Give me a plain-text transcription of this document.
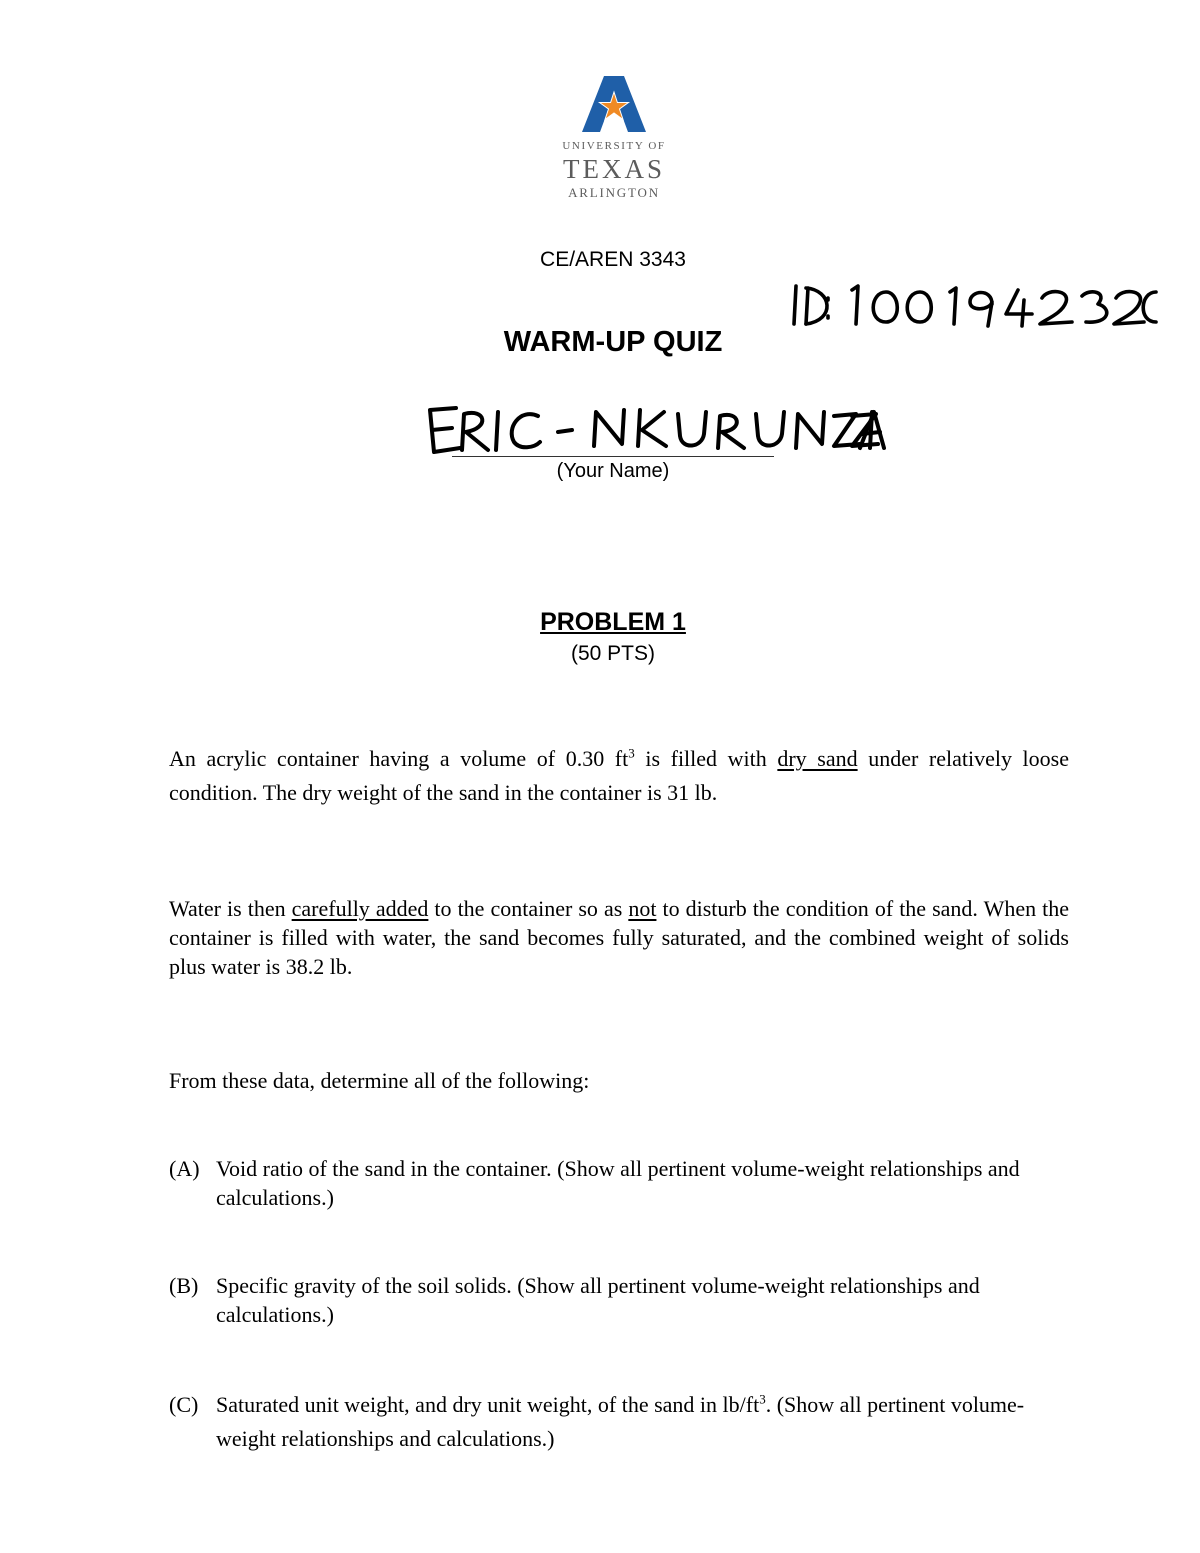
UNIVERSITY OF
TEXAS
ARLINGTON
CE/AREN 3343
WARM-UP QUIZ
(Your Name)
PROBLEM 1
(50 PTS)
An acrylic container having a volume of 0.30 $ft^3$ is filled with dry sand under relatively loose condition. The dry weight of the sand in the container is 31 lb.
Water is then carefully added to the container so as not to disturb the condition of the sand. When the container is filled with water, the sand becomes fully saturated, and the combined weight of solids plus water is 38.2 lb.
From these data, determine all of the following:
(A) Void ratio of the sand in the container. (Show all pertinent volume-weight relationships and calculations.)
(B) Specific gravity of the soil solids. (Show all pertinent volume-weight relationships and calculations.)
(C) Saturated unit weight, and dry unit weight, of the sand in $lb/ft^3$. (Show all pertinent volume-weight relationships and calculations.)
